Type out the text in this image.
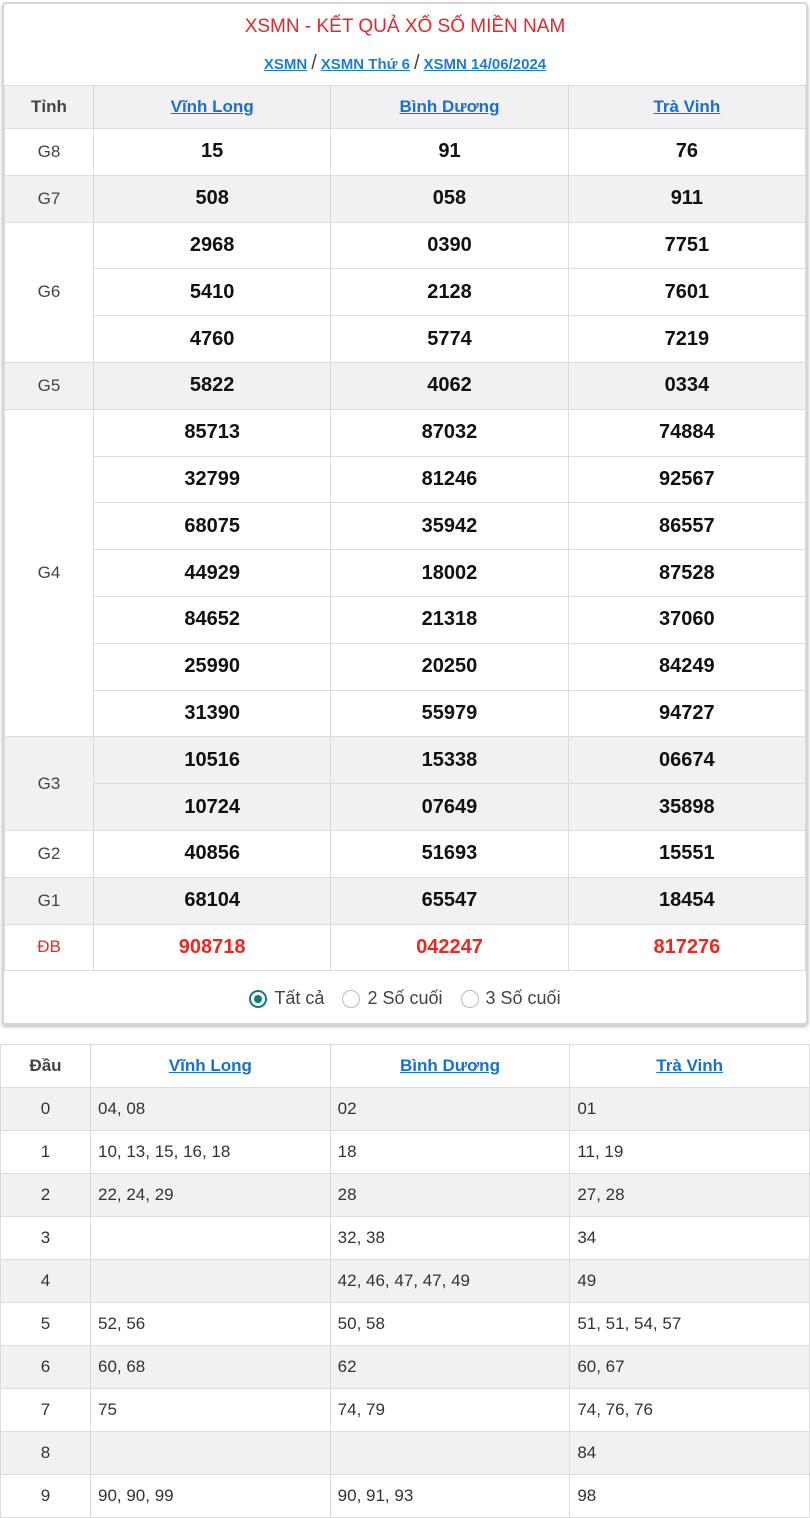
XSMN - KẾT QUẢ XỔ SỐ MIỀN NAM
XSMN / XSMN Thứ 6 / XSMN 14/06/2024
Tỉnh	Vĩnh Long	Bình Dương	Trà Vinh
G8	15	91	76
G7	508	058	911
G6	2968	0390	7751
	5410	2128	7601
	4760	5774	7219
G5	5822	4062	0334
G4	85713	87032	74884
	32799	81246	92567
	68075	35942	86557
	44929	18002	87528
	84652	21318	37060
	25990	20250	84249
	31390	55979	94727
G3	10516	15338	06674
	10724	07649	35898
G2	40856	51693	15551
G1	68104	65547	18454
ĐB	908718	042247	817276
Tất cả 2 Số cuối 3 Số cuối
Đầu	Vĩnh Long	Bình Dương	Trà Vinh
0	04, 08	02	01
1	10, 13, 15, 16, 18	18	11, 19
2	22, 24, 29	28	27, 28
3		32, 38	34
4		42, 46, 47, 47, 49	49
5	52, 56	50, 58	51, 51, 54, 57
6	60, 68	62	60, 67
7	75	74, 79	74, 76, 76
8			84
9	90, 90, 99	90, 91, 93	98
